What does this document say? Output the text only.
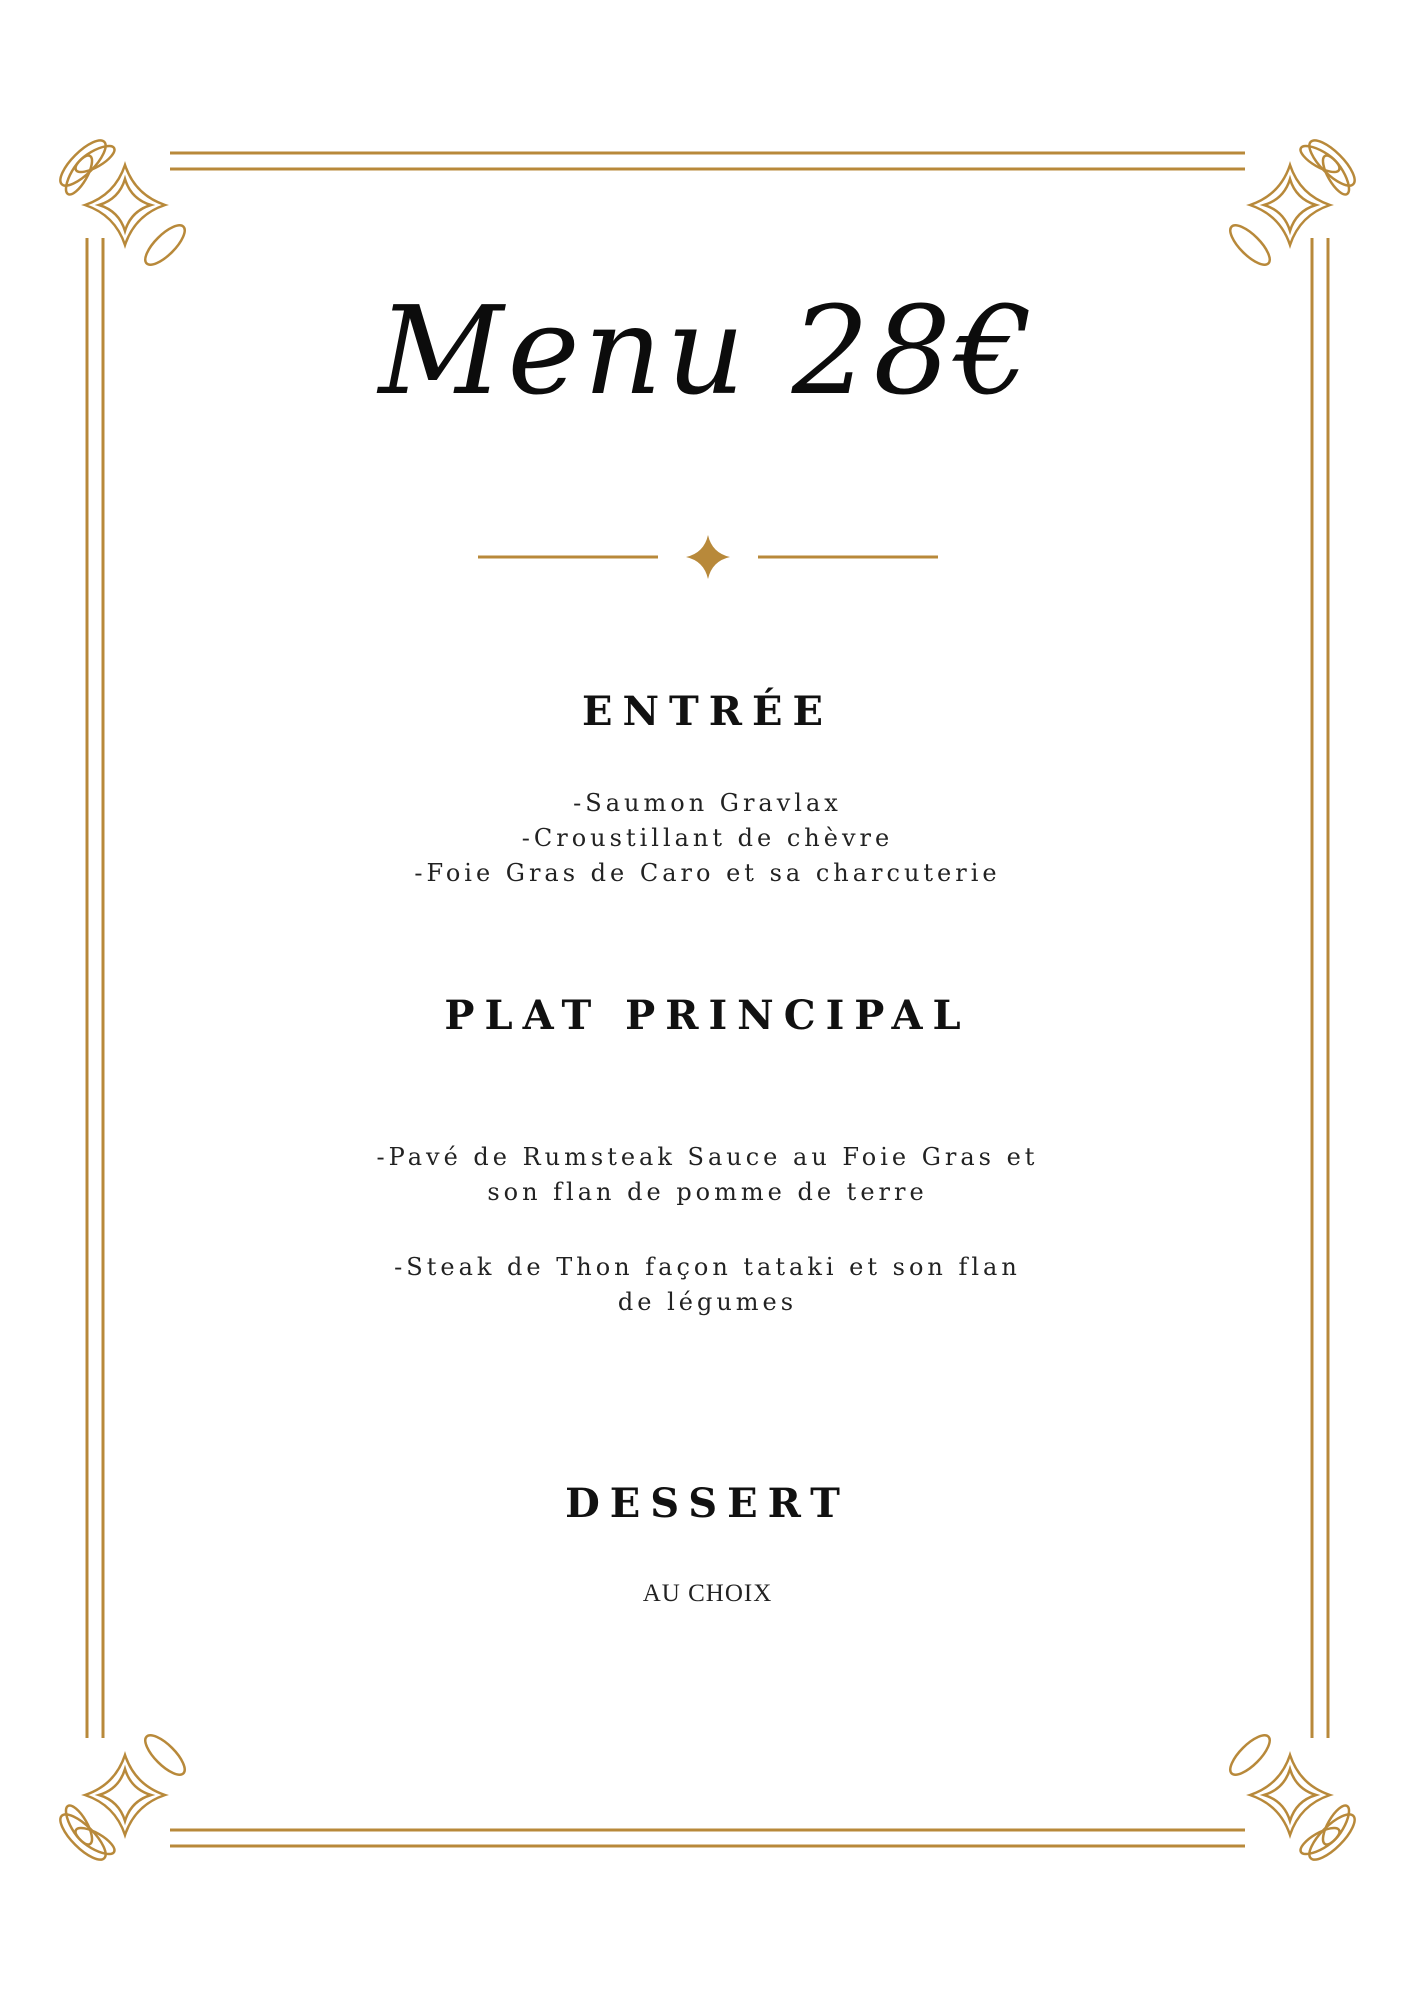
Menu 28€
ENTRÉE
-Saumon Gravlax
-Croustillant de chèvre
-Foie Gras de Caro et sa charcuterie
PLAT PRINCIPAL
-Pavé de Rumsteak Sauce au Foie Gras et
son flan de pomme de terre
-Steak de Thon façon tataki et son flan
de légumes
DESSERT
AU CHOIX
